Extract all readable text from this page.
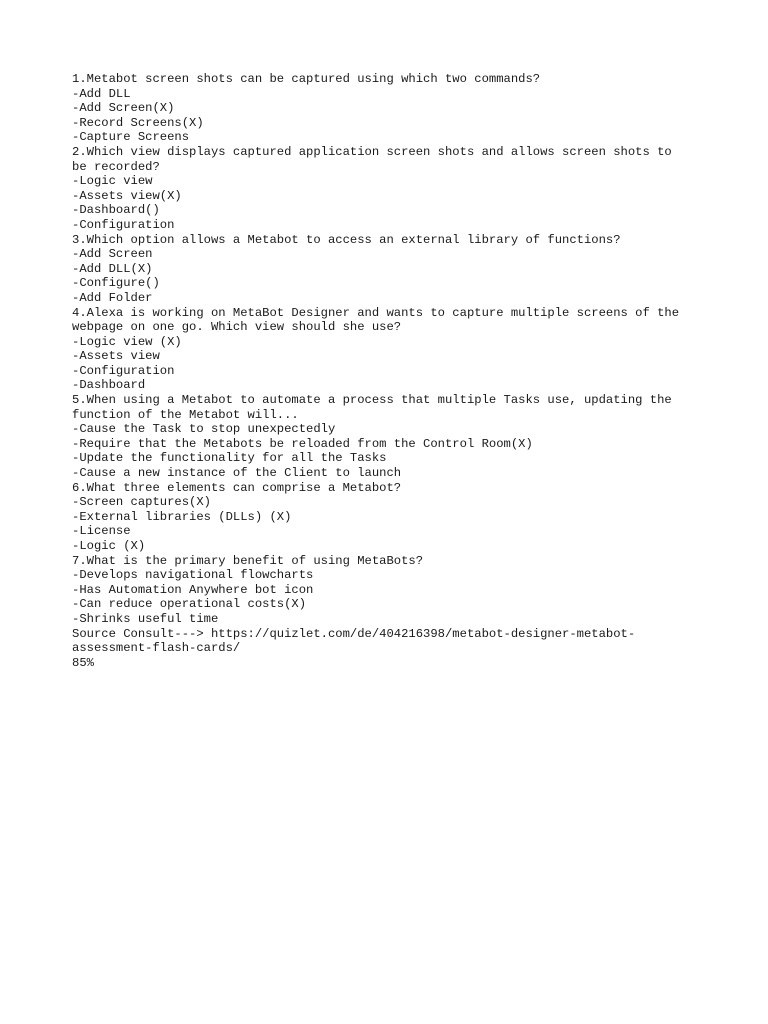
1.Metabot screen shots can be captured using which two commands?
-Add DLL
-Add Screen(X)
-Record Screens(X)
-Capture Screens
2.Which view displays captured application screen shots and allows screen shots to
be recorded?
-Logic view
-Assets view(X)
-Dashboard()
-Configuration
3.Which option allows a Metabot to access an external library of functions?
-Add Screen
-Add DLL(X)
-Configure()
-Add Folder
4.Alexa is working on MetaBot Designer and wants to capture multiple screens of the
webpage on one go. Which view should she use?
-Logic view (X)
-Assets view
-Configuration
-Dashboard
5.When using a Metabot to automate a process that multiple Tasks use, updating the
function of the Metabot will...
-Cause the Task to stop unexpectedly
-Require that the Metabots be reloaded from the Control Room(X)
-Update the functionality for all the Tasks
-Cause a new instance of the Client to launch
6.What three elements can comprise a Metabot?
-Screen captures(X)
-External libraries (DLLs) (X)
-License
-Logic (X)
7.What is the primary benefit of using MetaBots?
-Develops navigational flowcharts
-Has Automation Anywhere bot icon
-Can reduce operational costs(X)
-Shrinks useful time
Source Consult---> https://quizlet.com/de/404216398/metabot-designer-metabot-
assessment-flash-cards/
85%
